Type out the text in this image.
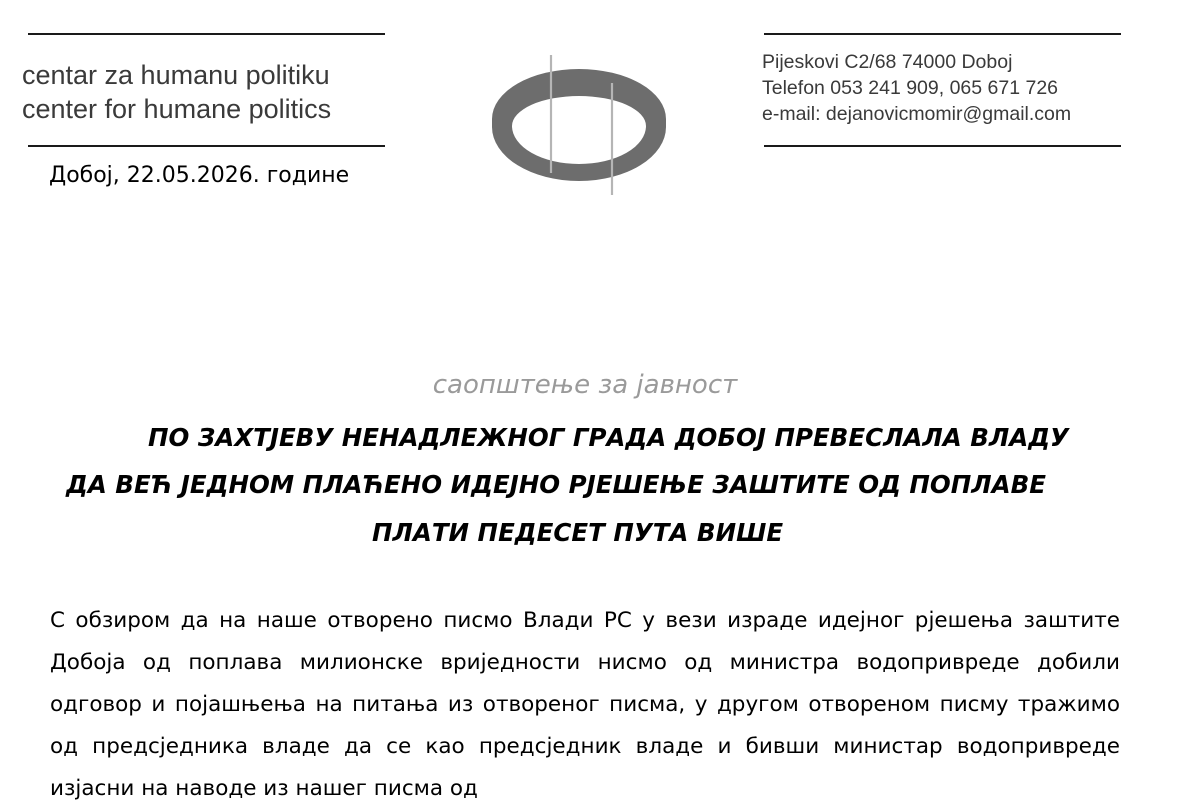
centar za humanu politiku
center for humane politics
Pijeskovi C2/68 74000 Doboj
Telefon 053 241 909, 065 671 726
e-mail: dejanovicmomir@gmail.com
Добој, 22.05.2026. године
саопштење за јавност
ПО ЗАХТЈЕВУ НЕНАДЛЕЖНОГ ГРАДА ДОБОЈ ПРЕВЕСЛАЛА ВЛАДУ
ДА ВЕЋ ЈЕДНОМ ПЛАЋЕНО ИДЕЈНО РЈЕШЕЊЕ ЗАШТИТЕ ОД ПОПЛАВЕ
ПЛАТИ ПЕДЕСЕТ ПУТА ВИШЕ
С обзиром да на наше отворено писмо Влади РС у вези израде идејног рјешења заштите Добоја од поплава милионске вриједности нисмо од министра водопривреде добили одговор и појашњења на питања из отвореног писма, у другом отвореном писму тражимо од предсједника владе да се као предсједник владе и бивши министар водопривреде изјасни на наводе из нашег писма од
